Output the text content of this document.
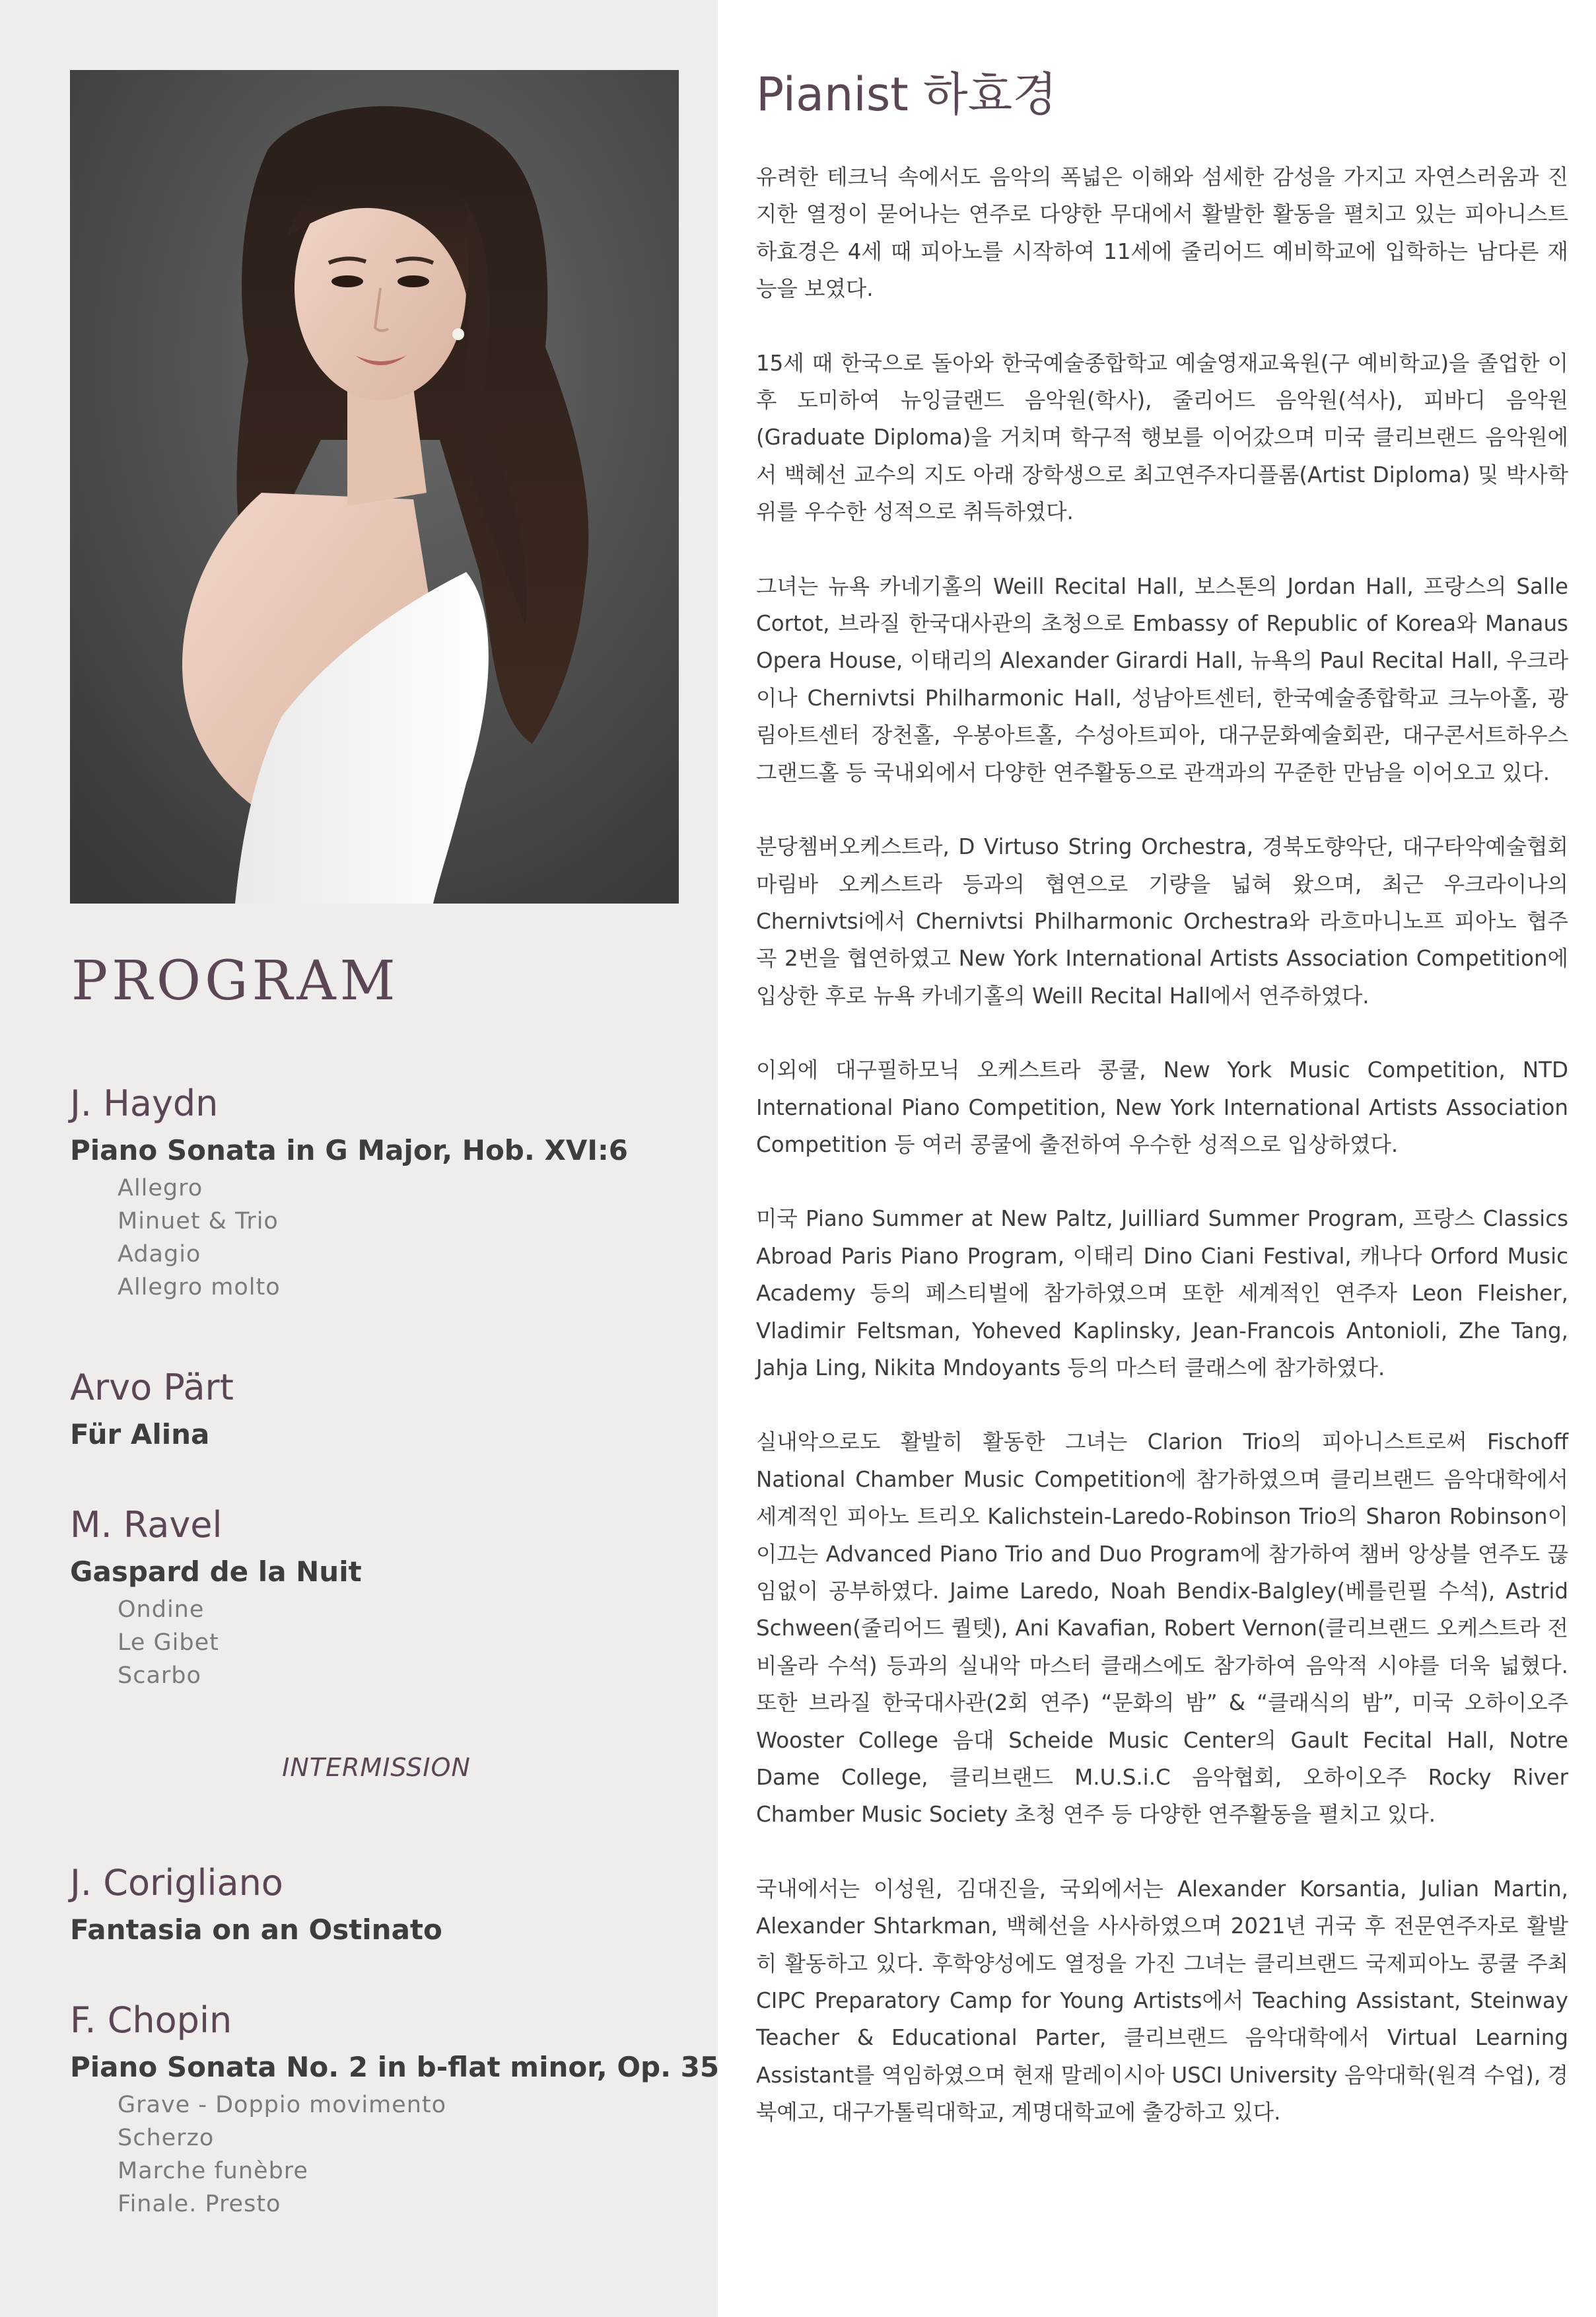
PROGRAM
J. Haydn
Piano Sonata in G Major, Hob. XVI:6
Allegro
Minuet & Trio
Adagio
Allegro molto
Arvo Pärt
Für Alina
M. Ravel
Gaspard de la Nuit
Ondine
Le Gibet
Scarbo
INTERMISSION
J. Corigliano
Fantasia on an Ostinato
F. Chopin
Piano Sonata No. 2 in b-flat minor, Op. 35
Grave - Doppio movimento
Scherzo
Marche funèbre
Finale. Presto
Pianist 하효경

유려한 테크닉 속에서도 음악의 폭넓은 이해와 섬세한 감성을 가지고 자연스러움과 진지한 열정이 묻어나는 연주로 다양한 무대에서 활발한 활동을 펼치고 있는 피아니스트 하효경은 4세 때 피아노를 시작하여 11세에 줄리어드 예비학교에 입학하는 남다른 재능을 보였다.

15세 때 한국으로 돌아와 한국예술종합학교 예술영재교육원(구 예비학교)을 졸업한 이후 도미하여 뉴잉글랜드 음악원(학사), 줄리어드 음악원(석사), 피바디 음악원(Graduate Diploma)을 거치며 학구적 행보를 이어갔으며 미국 클리브랜드 음악원에서 백혜선 교수의 지도 아래 장학생으로 최고연주자디플롬(Artist Diploma) 및 박사학위를 우수한 성적으로 취득하였다.

그녀는 뉴욕 카네기홀의 Weill Recital Hall, 보스톤의 Jordan Hall, 프랑스의 Salle Cortot, 브라질 한국대사관의 초청으로 Embassy of Republic of Korea와 Manaus Opera House, 이태리의 Alexander Girardi Hall, 뉴욕의 Paul Recital Hall, 우크라이나 Chernivtsi Philharmonic Hall, 성남아트센터, 한국예술종합학교 크누아홀, 광림아트센터 장천홀, 우봉아트홀, 수성아트피아, 대구문화예술회관, 대구콘서트하우스 그랜드홀 등 국내외에서 다양한 연주활동으로 관객과의 꾸준한 만남을 이어오고 있다.

분당쳄버오케스트라, D Virtuso String Orchestra, 경북도향악단, 대구타악예술협회 마림바 오케스트라 등과의 협연으로 기량을 넓혀 왔으며, 최근 우크라이나의 Chernivtsi에서 Chernivtsi Philharmonic Orchestra와 라흐마니노프 피아노 협주곡 2번을 협연하였고 New York International Artists Association Competition에 입상한 후로 뉴욕 카네기홀의 Weill Recital Hall에서 연주하였다.

이외에 대구필하모닉 오케스트라 콩쿨, New York Music Competition, NTD International Piano Competition, New York International Artists Association Competition 등 여러 콩쿨에 출전하여 우수한 성적으로 입상하였다.

미국 Piano Summer at New Paltz, Juilliard Summer Program, 프랑스 Classics Abroad Paris Piano Program, 이태리 Dino Ciani Festival, 캐나다 Orford Music Academy 등의 페스티벌에 참가하였으며 또한 세계적인 연주자 Leon Fleisher, Vladimir Feltsman, Yoheved Kaplinsky, Jean-Francois Antonioli, Zhe Tang, Jahja Ling, Nikita Mndoyants 등의 마스터 클래스에 참가하였다.

실내악으로도 활발히 활동한 그녀는 Clarion Trio의 피아니스트로써 Fischoff National Chamber Music Competition에 참가하였으며 클리브랜드 음악대학에서 세계적인 피아노 트리오 Kalichstein-Laredo-Robinson Trio의 Sharon Robinson이 이끄는 Advanced Piano Trio and Duo Program에 참가하여 챔버 앙상블 연주도 끊임없이 공부하였다. Jaime Laredo, Noah Bendix-Balgley(베를린필 수석), Astrid Schween(줄리어드 퀄텟), Ani Kavafian, Robert Vernon(클리브랜드 오케스트라 전 비올라 수석) 등과의 실내악 마스터 클래스에도 참가하여 음악적 시야를 더욱 넓혔다. 또한 브라질 한국대사관(2회 연주) “문화의 밤” & “클래식의 밤”, 미국 오하이오주 Wooster College 음대 Scheide Music Center의 Gault Fecital Hall, Notre Dame College, 클리브랜드 M.U.S.i.C 음악협회, 오하이오주 Rocky River Chamber Music Society 초청 연주 등 다양한 연주활동을 펼치고 있다.

국내에서는 이성원, 김대진을, 국외에서는 Alexander Korsantia, Julian Martin, Alexander Shtarkman, 백혜선을 사사하였으며 2021년 귀국 후 전문연주자로 활발히 활동하고 있다. 후학양성에도 열정을 가진 그녀는 클리브랜드 국제피아노 콩쿨 주최 CIPC Preparatory Camp for Young Artists에서 Teaching Assistant, Steinway Teacher & Educational Parter, 클리브랜드 음악대학에서 Virtual Learning Assistant를 역임하였으며 현재 말레이시아 USCI University 음악대학(원격 수업), 경북예고, 대구가톨릭대학교, 계명대학교에 출강하고 있다.
